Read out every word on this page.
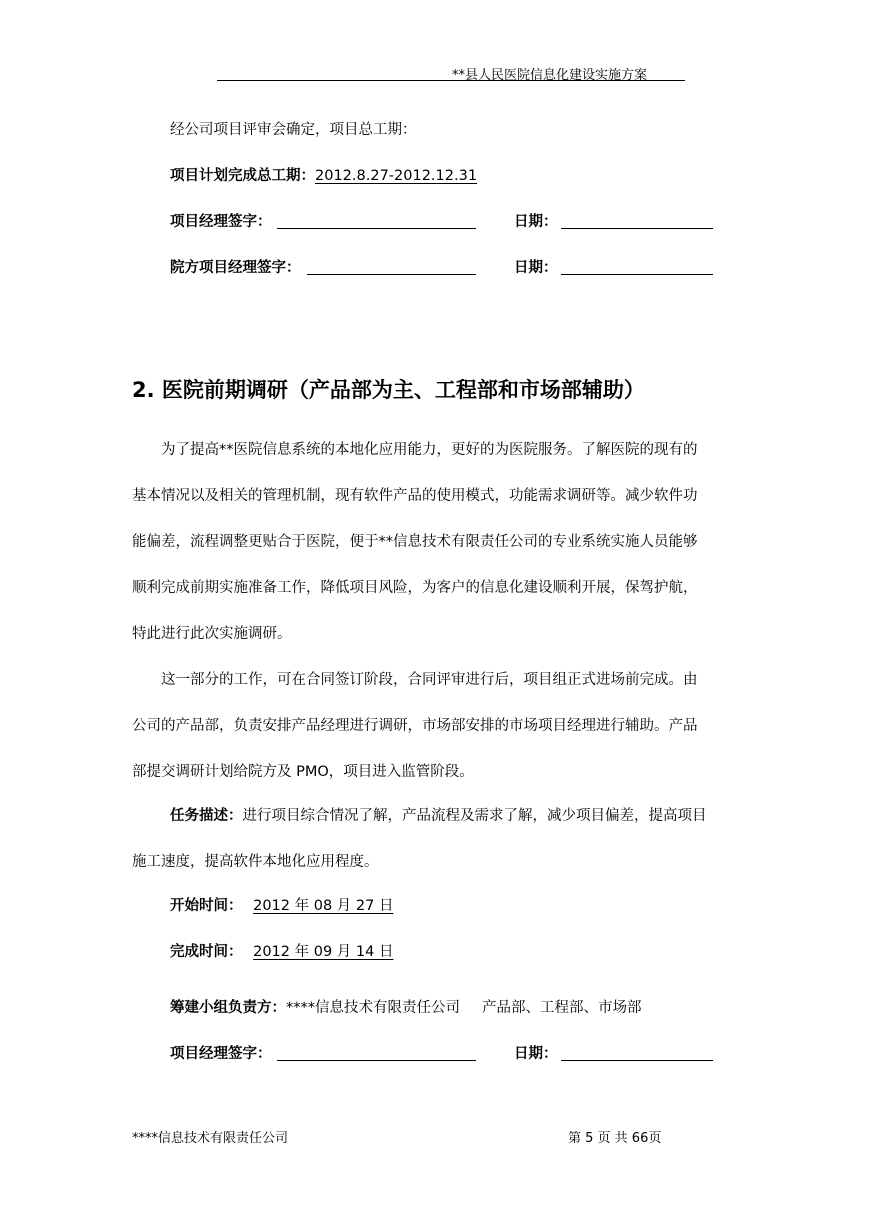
**县人民医院信息化建设实施方案
经公司项目评审会确定，项目总工期：
项目计划完成总工期：2012.8.27-2012.12.31
项目经理签字：	日期：
院方项目经理签字：	日期：
2. 医院前期调研（产品部为主、工程部和市场部辅助）
为了提高**医院信息系统的本地化应用能力，更好的为医院服务。了解医院的现有的
基本情况以及相关的管理机制，现有软件产品的使用模式，功能需求调研等。减少软件功
能偏差，流程调整更贴合于医院，便于**信息技术有限责任公司的专业系统实施人员能够
顺利完成前期实施准备工作，降低项目风险，为客户的信息化建设顺利开展，保驾护航，
特此进行此次实施调研。
这一部分的工作，可在合同签订阶段，合同评审进行后，项目组正式进场前完成。由
公司的产品部，负责安排产品经理进行调研，市场部安排的市场项目经理进行辅助。产品
部提交调研计划给院方及 PMO，项目进入监管阶段。
任务描述：进行项目综合情况了解，产品流程及需求了解，减少项目偏差，提高项目
施工速度，提高软件本地化应用程度。
开始时间： 2012 年 08 月 27 日
完成时间： 2012 年 09 月 14 日
筹建小组负责方：****信息技术有限责任公司 产品部、工程部、市场部
项目经理签字：	日期：
****信息技术有限责任公司	第 5 页 共 66页
